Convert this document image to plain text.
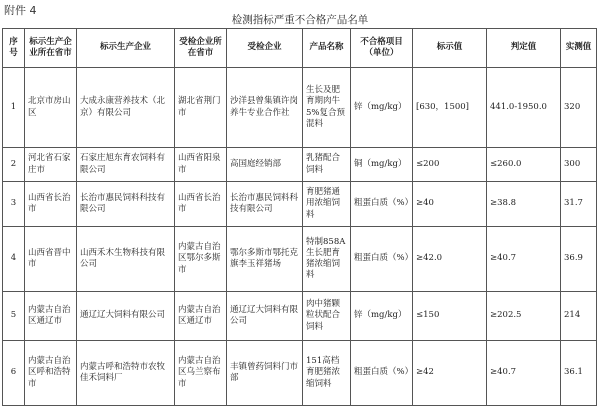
附件 4
检测指标严重不合格产品名单
序号	标示生产企业所在省市	标示生产企业	受检企业所在省市	受检企业	产品名称	不合格项目（单位）	标示值	判定值	实测值
1	北京市房山区	大成永康营养技术（北京）有限公司	湖北省荆门市	沙洋县曾集镇许岗养牛专业合作社	生长及肥育期肉牛5%复合预混料	锌（mg/kg）	[630，1500]	441.0-1950.0	320
2	河北省石家庄市	石家庄旭东育农饲料有限公司	山西省阳泉市	高国庭经销部	乳猪配合饲料	铜（mg/kg）	≤200	≤260.0	300
3	山西省长治市	长治市惠民饲料科技有限公司	山西省长治市	长治市惠民饲料科技有限公司	育肥猪通用浓缩饲料	粗蛋白质（%）	≥40	≥38.8	31.7
4	山西省晋中市	山西禾木生物科技有限公司	内蒙古自治区鄂尔多斯市	鄂尔多斯市鄂托克旗李玉祥猪场	特制858A生长肥育猪浓缩饲料	粗蛋白质（%）	≥42.0	≥40.7	36.9
5	内蒙古自治区通辽市	通辽辽大饲料有限公司	内蒙古自治区通辽市	通辽辽大饲料有限公司	肉中猪颗粒状配合饲料	锌（mg/kg）	≤150	≥202.5	214
6	内蒙古自治区呼和浩特市	内蒙古呼和浩特市农牧佳禾饲料厂	内蒙古自治区乌兰察布市	丰镇曾药饲料门市部	151高档育肥猪浓缩饲料	粗蛋白质（%）	≥42	≥40.7	36.1
